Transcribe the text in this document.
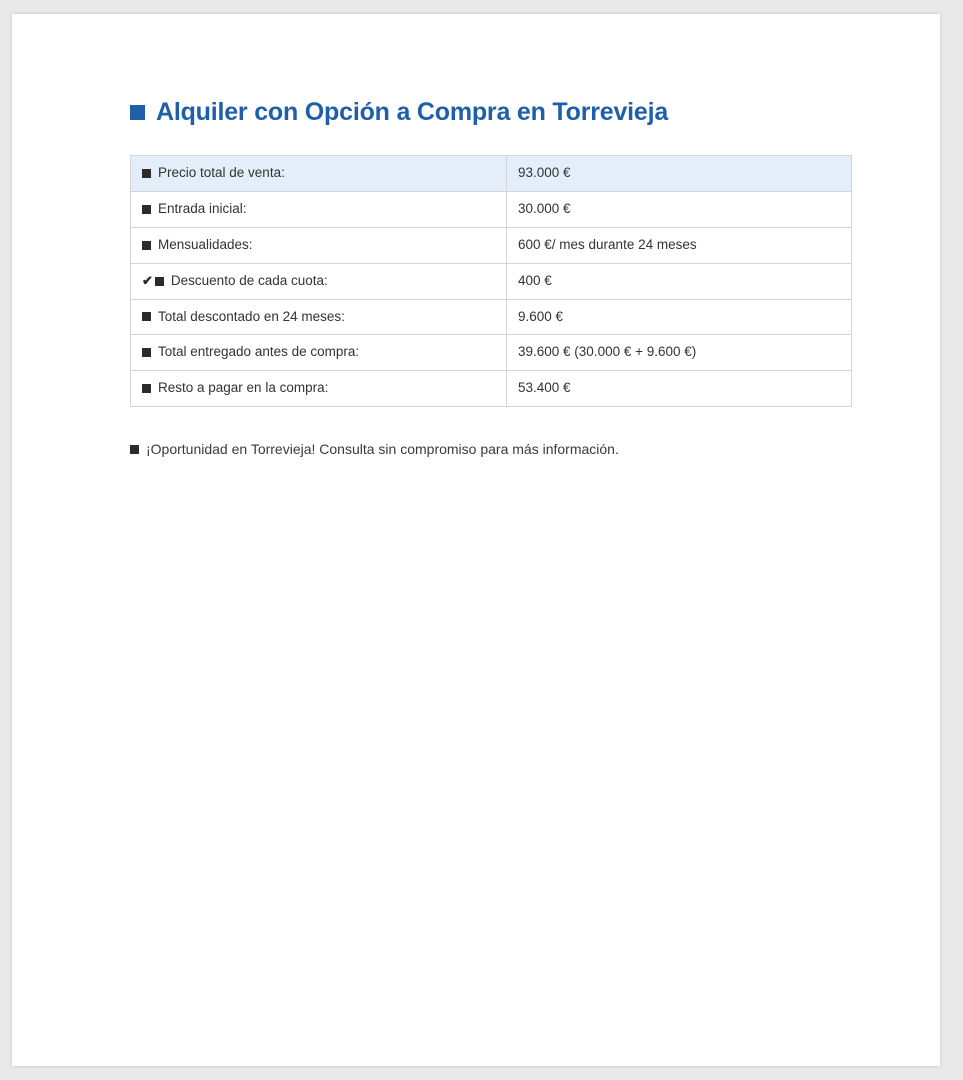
Alquiler con Opción a Compra en Torrevieja
Precio total de venta:	93.000 €

Entrada inicial:	30.000 €

Mensualidades:	600 €/ mes durante 24 meses

✔ Descuento de cada cuota:	400 €

Total descontado en 24 meses:	9.600 €

Total entregado antes de compra:	39.600 € (30.000 € + 9.600 €)

Resto a pagar en la compra:	53.400 €
¡Oportunidad en Torrevieja! Consulta sin compromiso para más información.
